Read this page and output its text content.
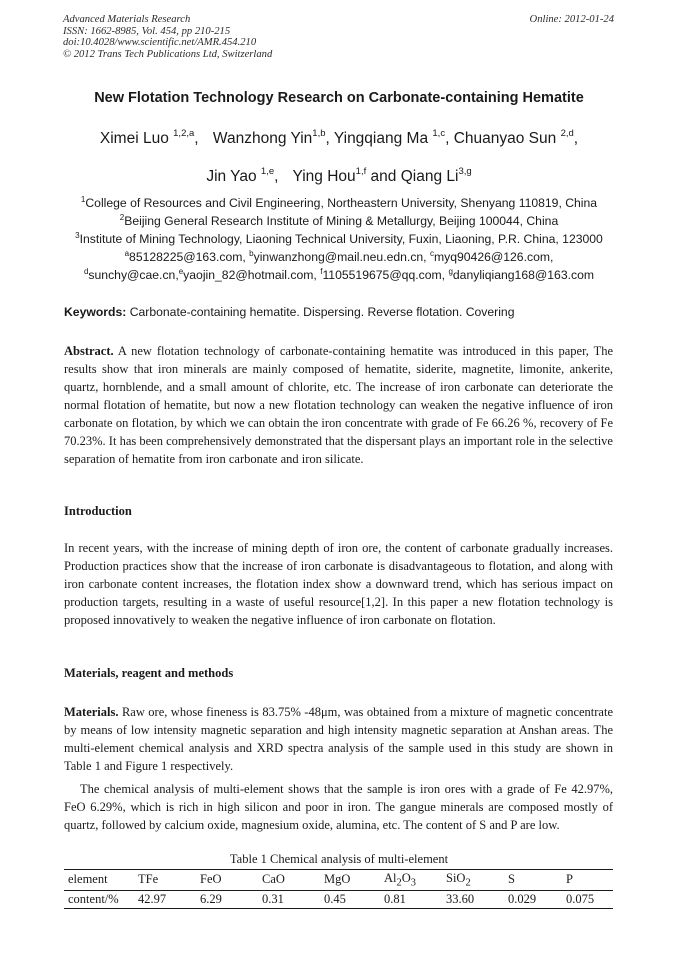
Advanced Materials Research
ISSN: 1662-8985, Vol. 454, pp 210-215
doi:10.4028/www.scientific.net/AMR.454.210
© 2012 Trans Tech Publications Ltd, Switzerland
Online: 2012-01-24
New Flotation Technology Research on Carbonate-containing Hematite
Ximei Luo $^{1,2,a}$, Wanzhong Yin$^{1,b}$, Yingqiang Ma $^{1,c}$, Chuanyao Sun $^{2,d}$,
Jin Yao $^{1,e}$, Ying Hou$^{1,f}$ and Qiang Li$^{3,g}$
$^1$College of Resources and Civil Engineering, Northeastern University, Shenyang 110819, China
$^2$Beijing General Research Institute of Mining & Metallurgy, Beijing 100044, China
$^3$Institute of Mining Technology, Liaoning Technical University, Fuxin, Liaoning, P.R. China, 123000
$^a$85128225@163.com, $^b$yinwanzhong@mail.neu.edn.cn, $^c$myq90426@126.com,
$^d$sunchy@cae.cn,$^e$yaojin_82@hotmail.com, $^f$1105519675@qq.com, $^g$danyliqiang168@163.com
Keywords: Carbonate-containing hematite. Dispersing. Reverse flotation. Covering
Abstract. A new flotation technology of carbonate-containing hematite was introduced in this paper, The results show that iron minerals are mainly composed of hematite, siderite, magnetite, limonite, ankerite, quartz, hornblende, and a small amount of chlorite, etc. The increase of iron carbonate can deteriorate the normal flotation of hematite, but now a new flotation technology can weaken the negative influence of iron carbonate on flotation, by which we can obtain the iron concentrate with grade of Fe 66.26 %, recovery of Fe 70.23%. It has been comprehensively demonstrated that the dispersant plays an important role in the selective separation of hematite from iron carbonate and iron silicate.
Introduction
In recent years, with the increase of mining depth of iron ore, the content of carbonate gradually increases. Production practices show that the increase of iron carbonate is disadvantageous to flotation, and along with iron carbonate content increases, the flotation index show a downward trend, which has serious impact on production targets, resulting in a waste of useful resource[1,2]. In this paper a new flotation technology is proposed innovatively to weaken the negative influence of iron carbonate on flotation.
Materials, reagent and methods
Materials. Raw ore, whose fineness is 83.75% -48μm, was obtained from a mixture of magnetic concentrate by means of low intensity magnetic separation and high intensity magnetic separation at Anshan areas. The multi-element chemical analysis and XRD spectra analysis of the sample used in this study are shown in Table 1 and Figure 1 respectively.
The chemical analysis of multi-element shows that the sample is iron ores with a grade of Fe 42.97%, FeO 6.29%, which is rich in high silicon and poor in iron. The gangue minerals are composed mostly of quartz, followed by calcium oxide, magnesium oxide, alumina, etc. The content of S and P are low.
Table 1 Chemical analysis of multi-element
element	TFe	FeO	CaO	MgO	$Al_2O_3$	SiO$_2$	S	P
content/%	42.97	6.29	0.31	0.45	0.81	33.60	0.029	0.075
